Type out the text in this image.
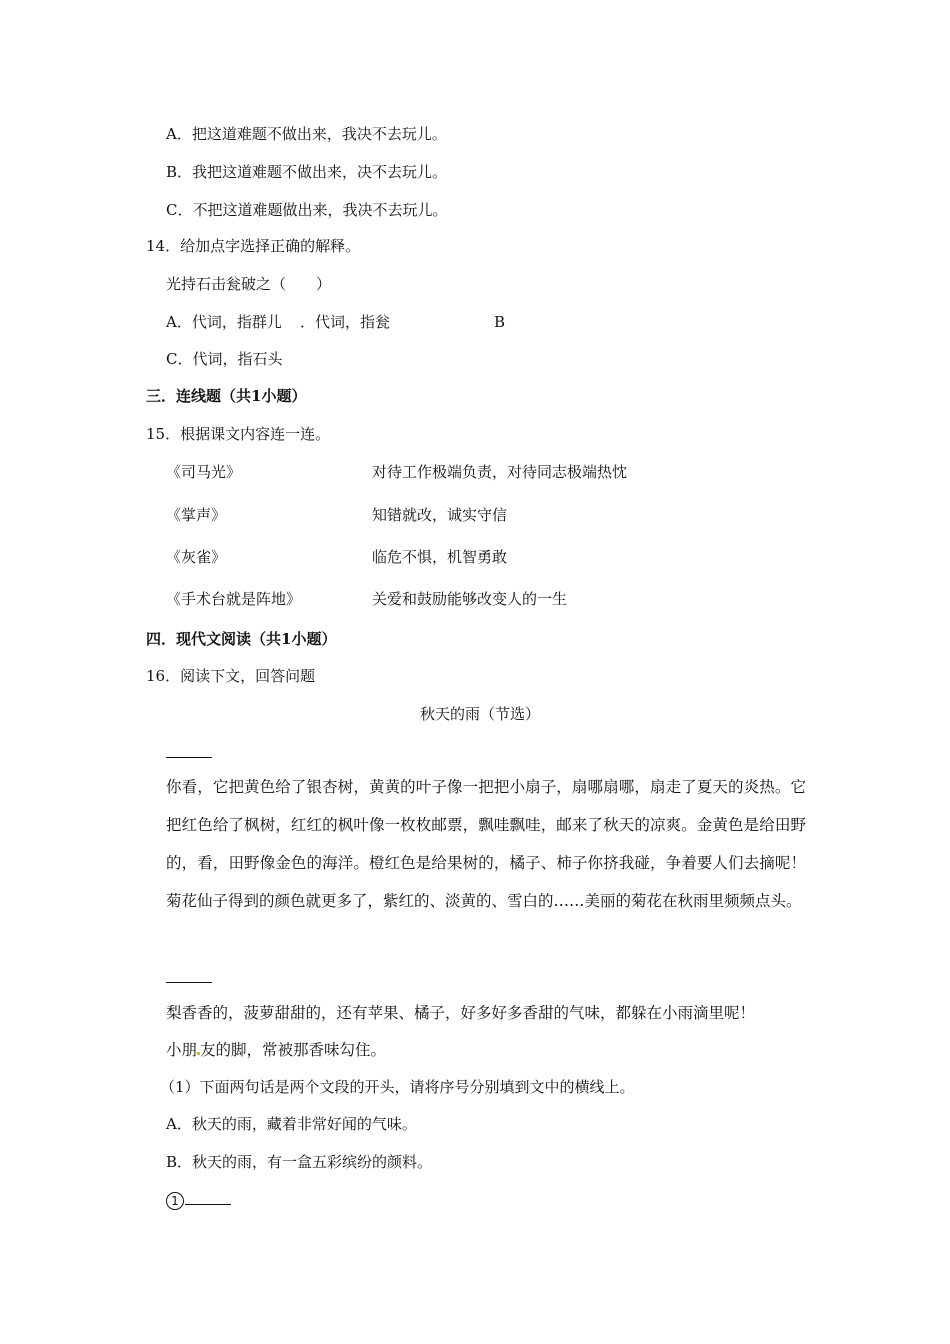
A．把这道难题不做出来，我决不去玩儿。
B．我把这道难题不做出来，决不去玩儿。
C．不把这道难题做出来，我决不去玩儿。
14．给加点字选择正确的解释。
光持石击瓮破之（　　）
A．代词，指群儿 ．代词，指瓮	B
C．代词，指石头
三．连线题（共1小题）
15．根据课文内容连一连。
《司马光》	对待工作极端负责，对待同志极端热忱
《掌声》	知错就改，诚实守信
《灰雀》	临危不惧，机智勇敢
《手术台就是阵地》	关爱和鼓励能够改变人的一生
四．现代文阅读（共1小题）
16．阅读下文，回答问题
秋天的雨（节选）
你看，它把黄色给了银杏树，黄黄的叶子像一把把小扇子，扇哪扇哪，扇走了夏天的炎热。它把红色给了枫树，红红的枫叶像一枚枚邮票，飘哇飘哇，邮来了秋天的凉爽。金黄色是给田野的，看，田野像金色的海洋。橙红色是给果树的，橘子、柿子你挤我碰，争着要人们去摘呢！菊花仙子得到的颜色就更多了，紫红的、淡黄的、雪白的……美丽的菊花在秋雨里频频点头。
梨香香的，菠萝甜甜的，还有苹果、橘子，好多好多香甜的气味，都躲在小雨滴里呢！
小朋 友的脚，常被那香味勾住。
（1）下面两句话是两个文段的开头，请将序号分别填到文中的横线上。
A．秋天的雨，藏着非常好闻的气味。
B．秋天的雨，有一盒五彩缤纷的颜料。
1
